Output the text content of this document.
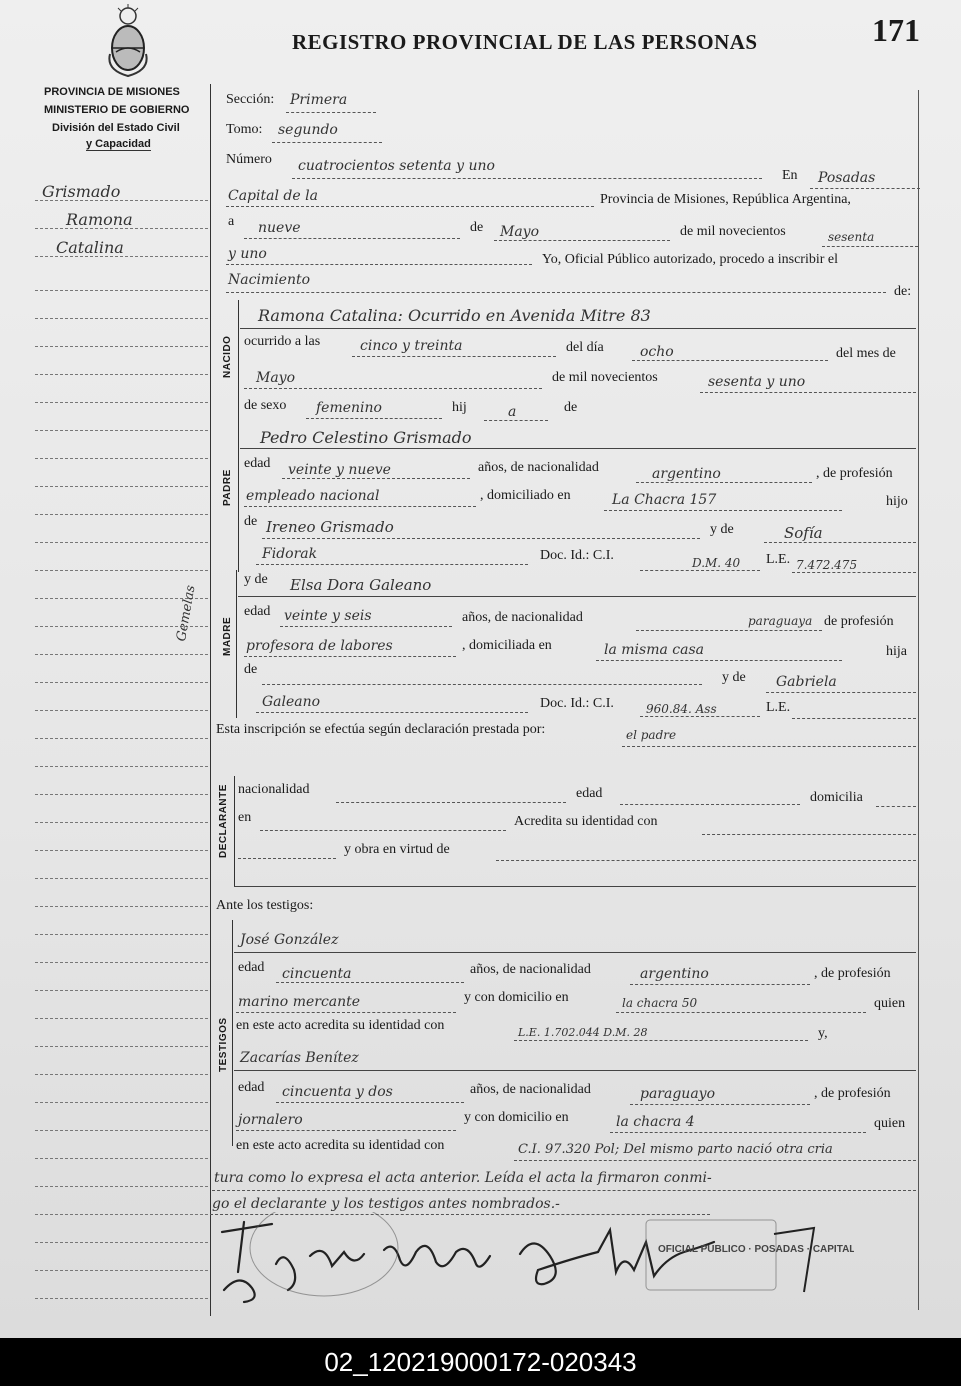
PROVINCIA DE MISIONES
MINISTERIO DE GOBIERNO
División del Estado Civil
y Capacidad
REGISTRO PROVINCIAL DE LAS PERSONAS	171
Grismado
Ramona
Catalina
Gemelas
Sección: Primera
Tomo: segundo
Número cuatrocientos setenta y uno
En Posadas
Capital de la	Provincia de Misiones, República Argentina,
a nueve	de Mayo	de mil novecientos	sesenta
y uno	Yo, Oficial Público autorizado, procedo a inscribir el
Nacimiento
de:
NACIDO
Ramona Catalina: Ocurrido en Avenida Mitre 83
ocurrido a las	cinco y treinta	del día	ocho	del mes de
Mayo	de mil novecientos	sesenta y uno
de sexo femenino	hij	a	de
PADRE
Pedro Celestino Grismado
edad veinte y nueve	años, de nacionalidad	argentino	, de profesión
empleado nacional	, domiciliado en	La Chacra 157	hijo
de Ireneo Grismado	y de	Sofía
Fidorak	Doc. Id.: C.I.	D.M. 40 L.E. 7.472.475
MADRE
y de Elsa Dora Galeano
edad veinte y seis	años, de nacionalidad	paraguaya de profesión
profesora de labores	, domiciliada en	la misma casa	hija
de
y de Gabriela
Galeano	Doc. Id.: C.I.	960.84. Ass	L.E.
Esta inscripción se efectúa según declaración prestada por:	el padre
DECLARANTE nacionalidad	edad	domicilia
en	Acredita su identidad con
y obra en virtud de
Ante los testigos:
TESTIGOS
José González
edad cincuenta	años, de nacionalidad	argentino	, de profesión
marino mercante	y con domicilio en	la chacra 50	quien
en este acto acredita su identidad con	L.E. 1.702.044 D.M. 28	y,
Zacarías Benítez
edad cincuenta y dos	años, de nacionalidad	paraguayo	, de profesión
jornalero	y con domicilio en	la chacra 4	quien
en este acto acredita su identidad con	C.I. 97.320 Pol; Del mismo parto nació otra cria
tura como lo expresa el acta anterior. Leída el acta la firmaron conmi-
go el declarante y los testigos antes nombrados.-
OFICIAL PUBLICO · POSADAS · CAPITAL
02_120219000172-020343
